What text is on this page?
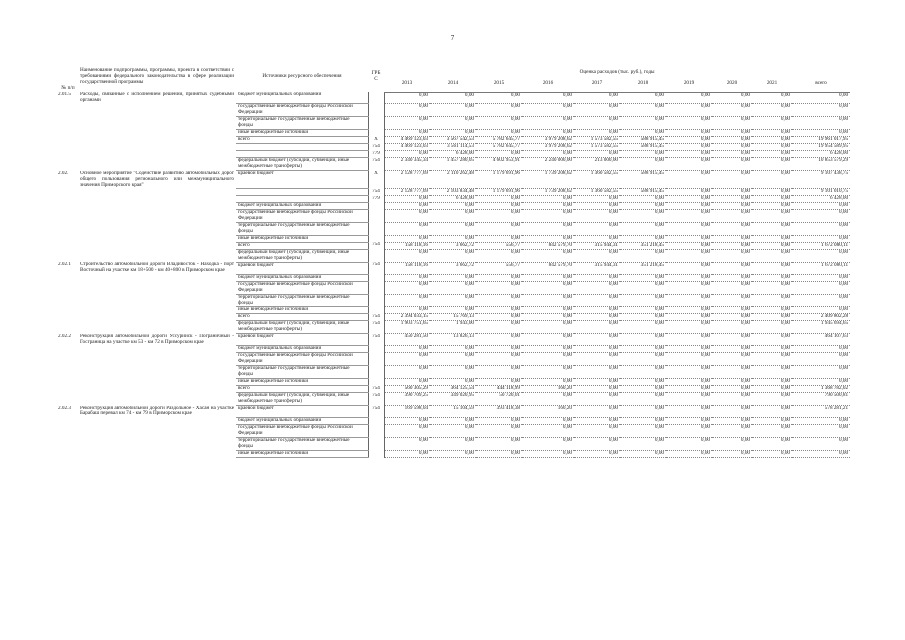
7
№ п/п	Наименование подпрограммы, программы, проекта в соответствии с требованиями федерального законодательства в сфере реализации государственной программы	Источники ресурсного обеспечения	ГРБ С	Оценка расходов (тыс. руб.), годы									
				2013	2014	2015	2016	2017	2018	2019	2020	2021	всего
2.01.5	Расходы, связанные с исполнением решений, принятых судебными органами	бюджет муниципальных образований		0,00	0,00	0,00	0,00	0,00	0,00	0,00	0,00	0,00	0,00
		государственные внебюджетные фонды Российской Федерации		0,00	0,00	0,00	0,00	0,00	0,00	0,00	0,00	0,00	0,00
		территориальные государственные внебюджетные фонды		0,00	0,00	0,00	0,00	0,00	0,00	0,00	0,00	0,00	0,00
		иные внебюджетные источники		0,00	0,00	0,00	0,00	0,00	0,00	0,00	0,00	0,00	0,00
		всего	Х	4 469 123,03	3 567 542,53	5 782 645,77	3 979 208,62	1 573 582,55	588 915,45	0,00	0,00	0,00	19 961 017,95
			754	4 469 123,03	3 561 114,53	5 782 645,77	3 979 208,62	1 573 582,55	588 915,45	0,00	0,00	0,00	19 954 589,95
			779	0,00	6 428,00	0,00	0,00	0,00	0,00	0,00	0,00	0,00	6 428,00
		федеральный бюджет (субсидии, субвенции, иные межбюджетные трансферты)	754	2 340 345,34	1 457 280,05	4 602 953,91	2 240 000,00	213 000,00	0,00	0,00	0,00	0,00	10 853 579,29
2.02.	Основное мероприятие "Содействие развитию автомобильных дорог общего пользования регионального или межмуниципального значения Приморского края"	краевой бюджет	Х	2 128 777,69	2 110 262,48	1 179 691,96	1 739 208,62	1 360 582,55	588 915,45	0,00	0,00	0,00	9 107 438,75
			754	2 128 777,69	2 103 834,48	1 179 691,96	1 739 208,62	1 360 582,55	588 915,45	0,00	0,00	0,00	9 101 010,75
			779	0,00	6 428,00	0,00	0,00	0,00	0,00	0,00	0,00	0,00	6 428,00
		бюджет муниципальных образований		0,00	0,00	0,00	0,00	0,00	0,00	0,00	0,00	0,00	0,00
		государственные внебюджетные фонды Российской Федерации		0,00	0,00	0,00	0,00	0,00	0,00	0,00	0,00	0,00	0,00
		территориальные государственные внебюджетные фонды		0,00	0,00	0,00	0,00	0,00	0,00	0,00	0,00	0,00	0,00
		иные внебюджетные источники		0,00	0,00	0,00	0,00	0,00	0,00	0,00	0,00	0,00	0,00
		всего	754	158 118,16	3 662,72	556,77	842 579,70	315 944,31	351 218,45	0,00	0,00	0,00	1 672 080,11
		федеральный бюджет (субсидии, субвенции, иные межбюджетные трансферты)		0,00	0,00	0,00	0,00	0,00	0,00	0,00	0,00	0,00	0,00
2.02.1	Строительство автомобильной дороги Владивосток - Находка - порт Восточный на участке км 18+500 - км 40+800 в Приморском крае	краевой бюджет	754	158 118,16	3 662,72	556,77	842 579,70	315 944,31	351 218,45	0,00	0,00	0,00	1 672 080,11
		бюджет муниципальных образований		0,00	0,00	0,00	0,00	0,00	0,00	0,00	0,00	0,00	0,00
		государственные внебюджетные фонды Российской Федерации		0,00	0,00	0,00	0,00	0,00	0,00	0,00	0,00	0,00	0,00
		территориальные государственные внебюджетные фонды		0,00	0,00	0,00	0,00	0,00	0,00	0,00	0,00	0,00	0,00
		иные внебюджетные источники		0,00	0,00	0,00	0,00	0,00	0,00	0,00	0,00	0,00	0,00
		всего	754	2 394 033,15	15 769,13	0,00	0,00	0,00	0,00	0,00	0,00	0,00	2 409 802,28
		федеральный бюджет (субсидии, субвенции, иные межбюджетные трансферты)	754	1 903 751,65	1 943,00	0,00	0,00	0,00	0,00	0,00	0,00	0,00	1 945 694,65
2.02.2	Реконструкция автомобильной дороги Уссурийск - Пограничный - Госграница на участке км 53 - км 72 в Приморском крае	краевой бюджет	754	450 281,50	13 826,13	0,00	0,00	0,00	0,00	0,00	0,00	0,00	464 107,63
		бюджет муниципальных образований		0,00	0,00	0,00	0,00	0,00	0,00	0,00	0,00	0,00	0,00
		государственные внебюджетные фонды Российской Федерации		0,00	0,00	0,00	0,00	0,00	0,00	0,00	0,00	0,00	0,00
		территориальные государственные внебюджетные фонды		0,00	0,00	0,00	0,00	0,00	0,00	0,00	0,00	0,00	0,00
		иные внебюджетные источники		0,00	0,00	0,00	0,00	0,00	0,00	0,00	0,00	0,00	0,00
		всего	754	560 305,29	364 125,54	444 118,99	160,20	0,00	0,00	0,00	0,00	0,00	1 368 782,02
		федеральный бюджет (субсидии, субвенции, иные межбюджетные трансферты)	754	390 709,25	349 020,95	50 720,01	0,00	0,00	0,00	0,00	0,00	0,00	790 500,81
2.02.3	Реконструкция автомобильной дороги Раздольное - Хасан на участке Барабаш перевал км 74 - км 79 в Приморском крае	краевой бюджет	754	169 598,04	15 104,59	393 418,38	160,20	0,00	0,00	0,00	0,00	0,00	578 281,21
		бюджет муниципальных образований		0,00	0,00	0,00	0,00	0,00	0,00	0,00	0,00	0,00	0,00
		государственные внебюджетные фонды Российской Федерации		0,00	0,00	0,00	0,00	0,00	0,00	0,00	0,00	0,00	0,00
		территориальные государственные внебюджетные фонды		0,00	0,00	0,00	0,00	0,00	0,00	0,00	0,00	0,00	0,00
		иные внебюджетные источники		0,00	0,00	0,00	0,00	0,00	0,00	0,00	0,00	0,00	0,00
